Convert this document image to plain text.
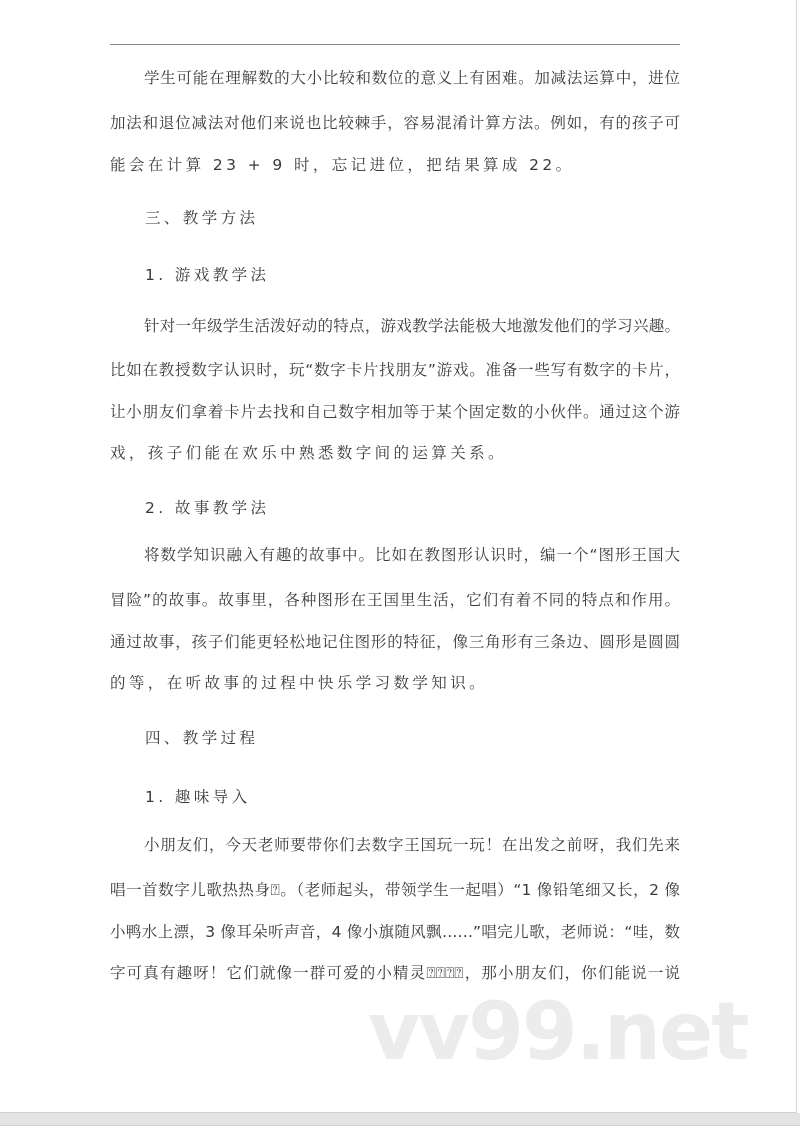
学生可能在理解数的大小比较和数位的意义上有困难。加减法运算中，进位
加法和退位减法对他们来说也比较棘手，容易混淆计算方法。例如，有的孩子可
能会在计算 23 + 9 时，忘记进位，把结果算成 22。
三、教学方法
1. 游戏教学法
针对一年级学生活泼好动的特点，游戏教学法能极大地激发他们的学习兴趣。
比如在教授数字认识时，玩“数字卡片找朋友”游戏。准备一些写有数字的卡片，
让小朋友们拿着卡片去找和自己数字相加等于某个固定数的小伙伴。通过这个游
戏，孩子们能在欢乐中熟悉数字间的运算关系。
2. 故事教学法
将数学知识融入有趣的故事中。比如在教图形认识时，编一个“图形王国大
冒险”的故事。故事里，各种图形在王国里生活，它们有着不同的特点和作用。
通过故事，孩子们能更轻松地记住图形的特征，像三角形有三条边、圆形是圆圆
的等，在听故事的过程中快乐学习数学知识。
四、教学过程
1. 趣味导入
小朋友们，今天老师要带你们去数字王国玩一玩！在出发之前呀，我们先来
唱一首数字儿歌热热身⍰。（老师起头，带领学生一起唱）“1 像铅笔细又长，2 像
小鸭水上漂，3 像耳朵听声音，4 像小旗随风飘……”唱完儿歌，老师说：“哇，数
字可真有趣呀！它们就像一群可爱的小精灵⍰⍰⍰⍰，那小朋友们，你们能说一说
vv99.net
